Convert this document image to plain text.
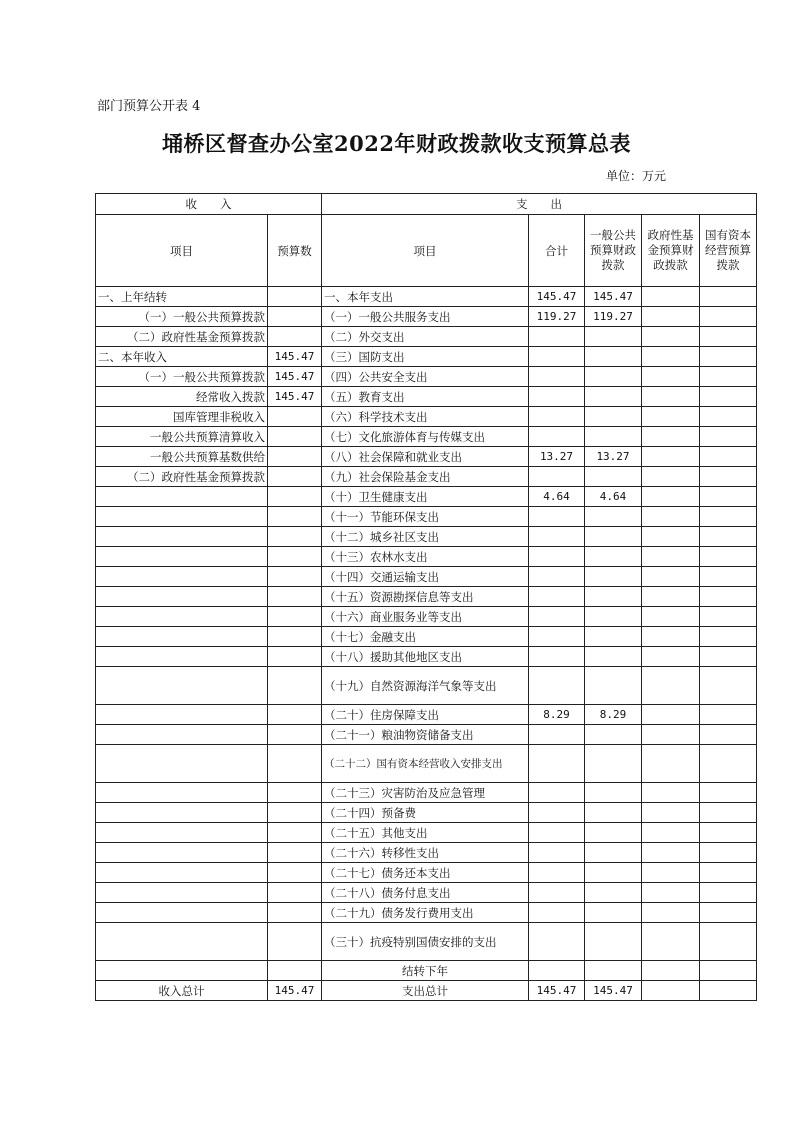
部门预算公开表 4
埇桥区督查办公室2022年财政拨款收支预算总表
单位：万元
收　　入		支　　出				
项目	预算数	项目	合计	一般公共预算财政拨款	政府性基金预算财政拨款	国有资本经营预算拨款
一、上年结转		一、本年支出	145.47	145.47		
（一）一般公共预算拨款		（一）一般公共服务支出	119.27	119.27		
（二）政府性基金预算拨款		（二）外交支出				
二、本年收入	145.47	（三）国防支出				
（一）一般公共预算拨款	145.47	（四）公共安全支出				
经常收入拨款	145.47	（五）教育支出				
国库管理非税收入		（六）科学技术支出				
一般公共预算清算收入		（七）文化旅游体育与传媒支出				
一般公共预算基数供给		（八）社会保障和就业支出	13.27	13.27		
（二）政府性基金预算拨款		（九）社会保险基金支出				
		（十）卫生健康支出	4.64	4.64		
		（十一）节能环保支出				
		（十二）城乡社区支出				
		（十三）农林水支出				
		（十四）交通运输支出				
		（十五）资源勘探信息等支出				
		（十六）商业服务业等支出				
		（十七）金融支出				
		（十八）援助其他地区支出				
		（十九）自然资源海洋气象等支出				
		（二十）住房保障支出	8.29	8.29		
		（二十一）粮油物资储备支出				
		（二十二）国有资本经营收入安排支出				
		（二十三）灾害防治及应急管理				
		（二十四）预备费				
		（二十五）其他支出				
		（二十六）转移性支出				
		（二十七）债务还本支出				
		（二十八）债务付息支出				
		（二十九）债务发行费用支出				
		（三十）抗疫特别国债安排的支出				
		结转下年				
收入总计	145.47	支出总计	145.47	145.47		
